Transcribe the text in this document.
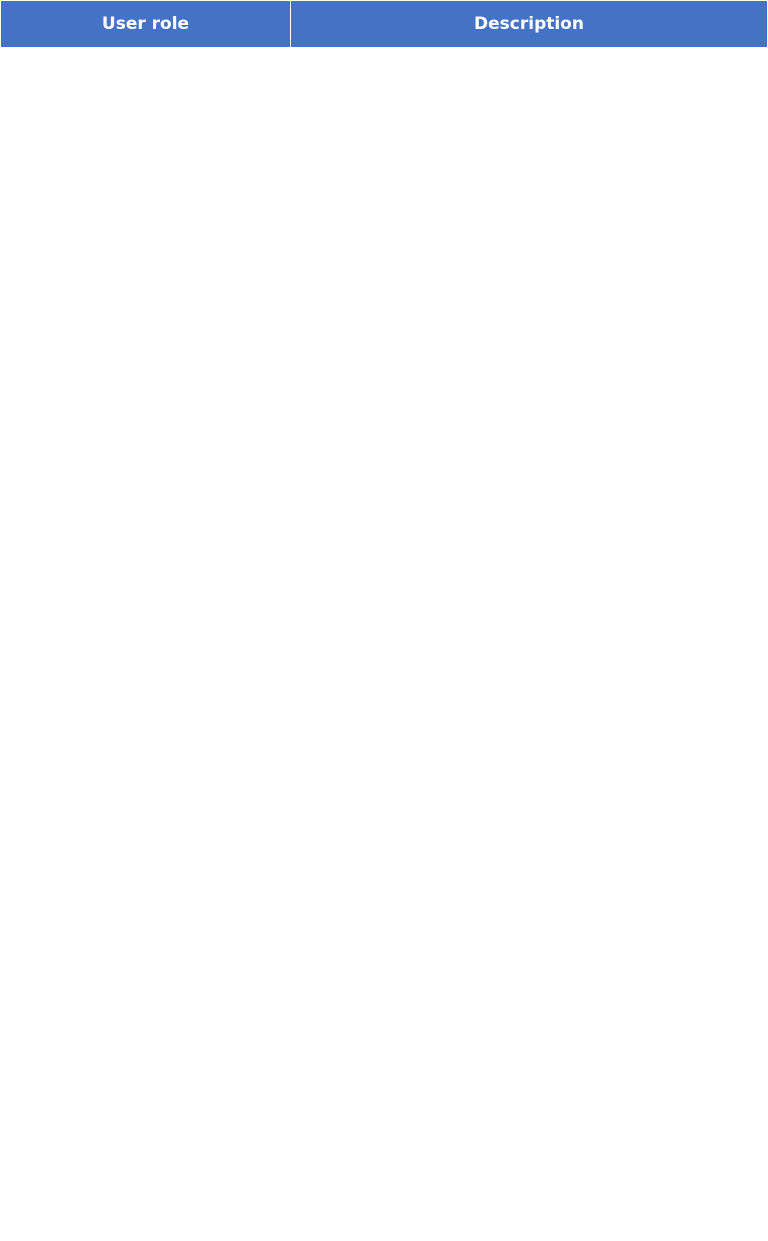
User role	Description
